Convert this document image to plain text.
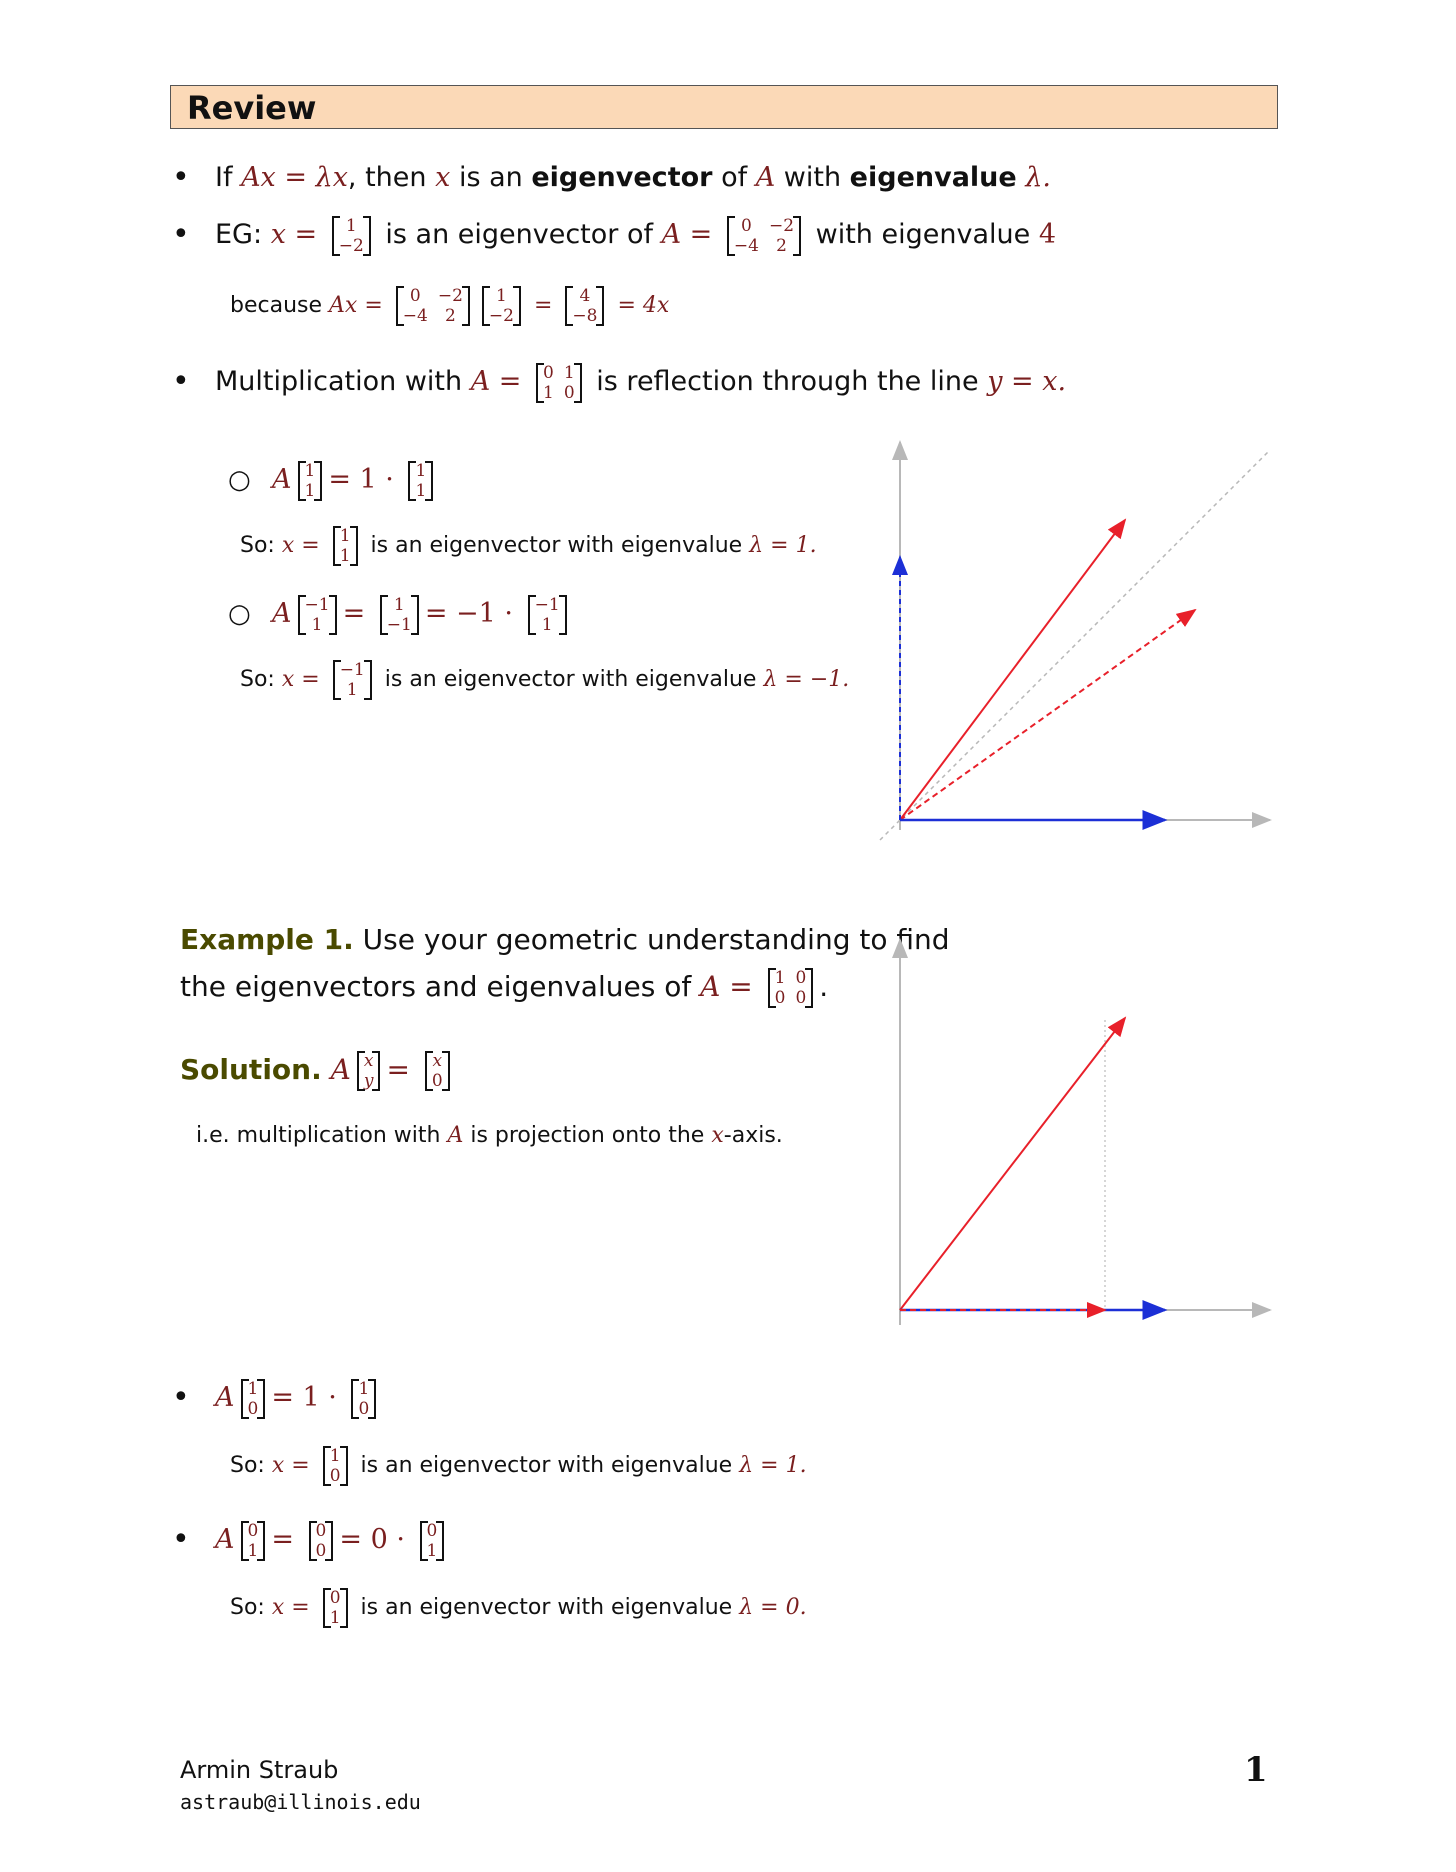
Review
• If Ax = λx, then x is an eigenvector of A with eigenvalue λ.
• EG: x =	1
−2 is an eigenvector of A =	0	−2
−4	2 with eigenvalue 4
because Ax =	0	−2
−4	2
1
−2 =	4
−8 = 4x
• Multiplication with A = 0 1
1 0 is reflection through the line y = x.
○ A 1
1 = 1 · 1
1
So: x = 1
1 is an eigenvector with eigenvalue λ = 1.
○ A −1
1 =	1
−1 = −1 · −1
1
So: x = −1
1	is an eigenvector with eigenvalue λ = −1.
Example 1. Use your geometric understanding to find
the eigenvectors and eigenvalues of A = 1 0
0 0 .
Solution. A x
y = x
0
i.e. multiplication with A is projection onto the x-axis.
• A 1
0 = 1 · 1
0
So: x = 1
0 is an eigenvector with eigenvalue λ = 1.
• A 0
1 = 0
0 = 0 · 0
1
So: x = 0
1 is an eigenvector with eigenvalue λ = 0.
Armin Straub
astraub@illinois.edu
1
